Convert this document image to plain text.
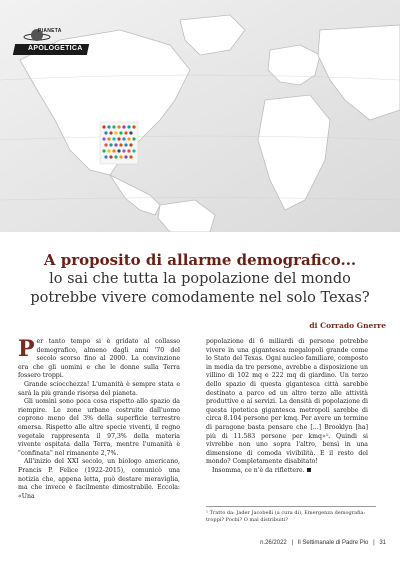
PIANETA
APOLOGETICA

A proposito di allarme demografico...

lo sai che tutta la popolazione del mondo

potrebbe vivere comodamente nel solo Texas?

di Corrado Gnerre

Per tanto tempo si è gridato al collasso demografico, almeno dagli anni '70 del secolo scorso fino al 2000. La convinzione era che gli uomini e che le donne sulla Terra fossero troppi.

Grande sciocchezza! L'umanità è sempre stata e sarà la più grande risorsa del pianeta.

Gli uomini sono poca cosa rispetto allo spazio da riempire. Le zone urbane costruite dall'uomo coprono meno del 3% della superficie terrestre emersa. Rispetto alle altre specie viventi, il regno vegetale rappresenta il 97,3% della materia vivente ospitata dalla Terra, mentre l'umanità è "confinata" nel rimanente 2,7%.

All'inizio del XXI secolo, un biologo americano, Francis P. Felice (1922-2015), comunicò una notizia che, appena letta, può destare meraviglia, ma che invece è facilmente dimostrabile. Eccola: «Una

popolazione di 6 miliardi di persone potrebbe vivere in una gigantesca megalopoli grande come lo Stato del Texas. Ogni nucleo familiare, composto in media da tre persone, avrebbe a disposizione un villino di 102 mq e 222 mq di giardino. Un terzo dello spazio di questa gigantesca città sarebbe destinato a parco ed un altro terzo alle attività produttive e ai servizi. La densità di popolazione di questa ipotetica gigantesca metropoli sarebbe di circa 8.104 persone per kmq. Per avere un termine di paragone basta pensare che [...] Brooklyn [ha] più di 11.583 persone per kmq»¹. Quindi si vivrebbe non uno sopra l'altro, bensì in una dimensione di comoda vivibilità. E il resto del mondo? Completamente disabitato!

Insomma, ce n'è da riflettere.

¹ Tratto da: Jader Jacobelli (a cura di), Emergenza demografia: troppi? Pochi? O mal distribuiti?
n.26/2022 | Il Settimanale di Padre Pio | 31
